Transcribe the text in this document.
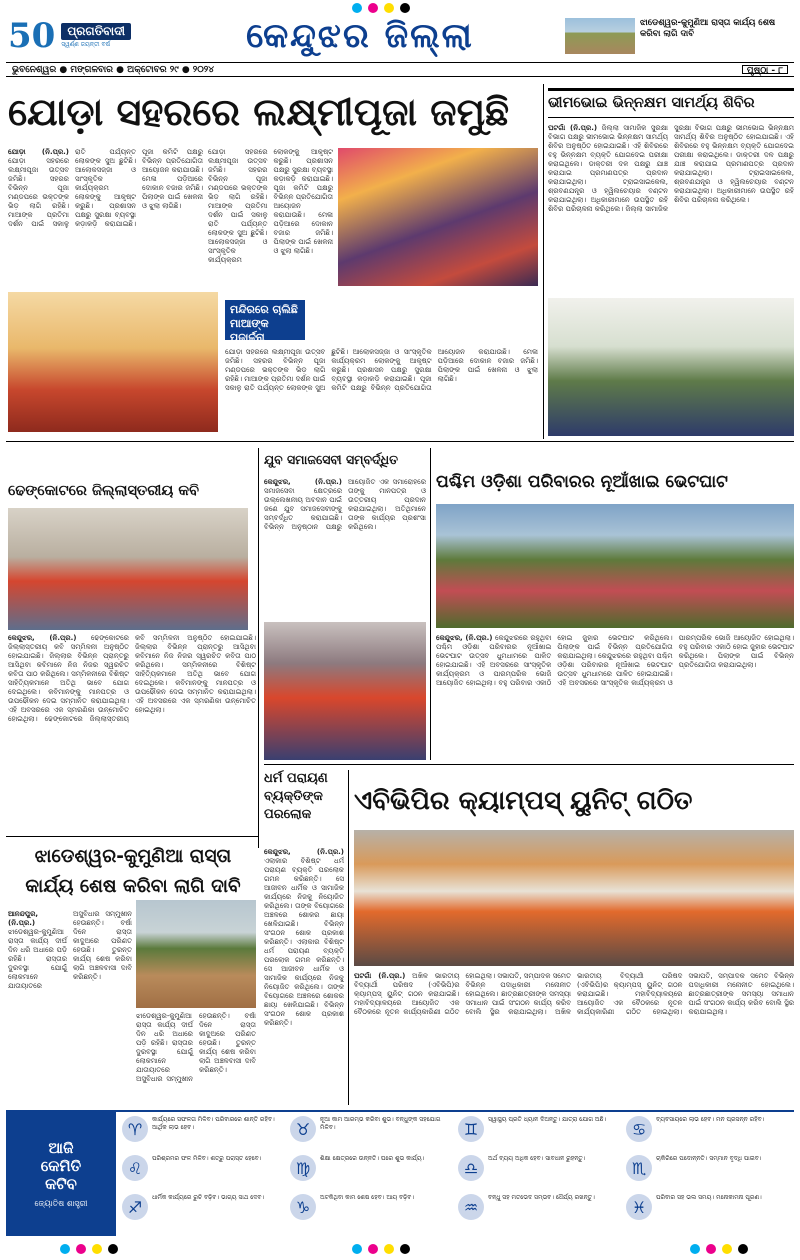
50	ପ୍ରଗତିବାଦୀ
ସ୍ୱର୍ଣ୍ଣ ଜୟନ୍ତୀ ବର୍ଷ	କେନ୍ଦୁଝର ଜିଲ୍ଲା	ଝାଡେଶ୍ୱର-କୁମୁଣିଆ ରାସ୍ତା କାର୍ଯ୍ୟ ଶେଷ କରିବା ଲାଗି ଦାବି
ଭୁବନେଶ୍ୱର ● ମଙ୍ଗଳବାର ● ଅକ୍ଟୋବର ୨୯ ● ୨୦୨୪	ପୃଷ୍ଠା - ୮
ଯୋଡ଼ା ସହରରେ ଲକ୍ଷ୍ମୀପୂଜା ଜମୁଛି
ଯୋଡ଼ା (ନି.ପ୍ର.) ଯୋଡ଼ା ସହରରେ ଲକ୍ଷ୍ମୀପୂଜା ଉତ୍ସବ ଜମିଛି। ସହରର ବିଭିନ୍ନ ପୂଜା ମଣ୍ଡପରେ ଭକ୍ତଙ୍କ ଭିଡ଼ ଲାଗି ରହିଛି। ମାଆଙ୍କ ପ୍ରତିମା ଦର୍ଶନ ପାଇଁ ସକାଳୁ ରାତି ପର୍ଯ୍ୟନ୍ତ ଲୋକଙ୍କ ସୁଅ ଛୁଟିଛି। ଆଲୋକସଜ୍ଜା ଓ ସାଂସ୍କୃତିକ କାର୍ଯ୍ୟକ୍ରମ ଲୋକଙ୍କୁ ଆକୃଷ୍ଟ କରୁଛି। ପ୍ରଶାସନ ପକ୍ଷରୁ ସୁରକ୍ଷା ବ୍ୟବସ୍ଥା କଡ଼ାକଡ଼ି କରାଯାଇଛି। ପୂଜା କମିଟି ପକ୍ଷରୁ ବିଭିନ୍ନ ପ୍ରତିଯୋଗିତା ଆୟୋଜନ କରାଯାଉଛି। ମେଳା ପଡ଼ିଆରେ ଦୋକାନ ବଜାର ଜମିଛି। ପିଲାଙ୍କ ପାଇଁ ଖେଳନା ଓ ଝୁଲା ଲାଗିଛି।
ଯୋଡ଼ା ସହରରେ ଲକ୍ଷ୍ମୀପୂଜା ଉତ୍ସବ ଜମିଛି। ସହରର ବିଭିନ୍ନ ପୂଜା ମଣ୍ଡପରେ ଭକ୍ତଙ୍କ ଭିଡ଼ ଲାଗି ରହିଛି। ମାଆଙ୍କ ପ୍ରତିମା ଦର୍ଶନ ପାଇଁ ସକାଳୁ ରାତି ପର୍ଯ୍ୟନ୍ତ ଲୋକଙ୍କ ସୁଅ ଛୁଟିଛି। ଆଲୋକସଜ୍ଜା ଓ ସାଂସ୍କୃତିକ କାର୍ଯ୍ୟକ୍ରମ ଲୋକଙ୍କୁ ଆକୃଷ୍ଟ କରୁଛି। ପ୍ରଶାସନ ପକ୍ଷରୁ ସୁରକ୍ଷା ବ୍ୟବସ୍ଥା କଡ଼ାକଡ଼ି କରାଯାଇଛି। ପୂଜା କମିଟି ପକ୍ଷରୁ ବିଭିନ୍ନ ପ୍ରତିଯୋଗିତା ଆୟୋଜନ କରାଯାଉଛି। ମେଳା ପଡ଼ିଆରେ ଦୋକାନ ବଜାର ଜମିଛି। ପିଲାଙ୍କ ପାଇଁ ଖେଳନା ଓ ଝୁଲା ଲାଗିଛି।
ମନ୍ଦିରରେ ଚାଲିଛି ମାଆଙ୍କ ପୂଜାର୍ଚ୍ଚନା
ଯୋଡ଼ା ସହରରେ ଲକ୍ଷ୍ମୀପୂଜା ଉତ୍ସବ ଜମିଛି। ସହରର ବିଭିନ୍ନ ପୂଜା ମଣ୍ଡପରେ ଭକ୍ତଙ୍କ ଭିଡ଼ ଲାଗି ରହିଛି। ମାଆଙ୍କ ପ୍ରତିମା ଦର୍ଶନ ପାଇଁ ସକାଳୁ ରାତି ପର୍ଯ୍ୟନ୍ତ ଲୋକଙ୍କ ସୁଅ ଛୁଟିଛି। ଆଲୋକସଜ୍ଜା ଓ ସାଂସ୍କୃତିକ କାର୍ଯ୍ୟକ୍ରମ ଲୋକଙ୍କୁ ଆକୃଷ୍ଟ କରୁଛି। ପ୍ରଶାସନ ପକ୍ଷରୁ ସୁରକ୍ଷା ବ୍ୟବସ୍ଥା କଡ଼ାକଡ଼ି କରାଯାଇଛି। ପୂଜା କମିଟି ପକ୍ଷରୁ ବିଭିନ୍ନ ପ୍ରତିଯୋଗିତା ଆୟୋଜନ କରାଯାଉଛି। ମେଳା ପଡ଼ିଆରେ ଦୋକାନ ବଜାର ଜମିଛି। ପିଲାଙ୍କ ପାଇଁ ଖେଳନା ଓ ଝୁଲା ଲାଗିଛି।
ଭୀମଭୋଇ ଭିନ୍ନକ୍ଷମ ସାମର୍ଥ୍ୟ ଶିବିର
ଘଟଗାଁ (ନି.ପ୍ର.) ଜିଲ୍ଲା ସାମାଜିକ ସୁରକ୍ଷା ବିଭାଗ ପକ୍ଷରୁ ଭୀମଭୋଇ ଭିନ୍ନକ୍ଷମ ସାମର୍ଥ୍ୟ ଶିବିର ଅନୁଷ୍ଠିତ ହୋଇଯାଇଛି। ଏହି ଶିବିରରେ ବହୁ ଭିନ୍ନକ୍ଷମ ବ୍ୟକ୍ତି ଯୋଗଦେଇ ପରୀକ୍ଷା କରାଇଥିଲେ। ଡାକ୍ତରୀ ଦଳ ପକ୍ଷରୁ ଯାଞ୍ଚ କରାଯାଇ ପ୍ରମାଣପତ୍ର ପ୍ରଦାନ କରାଯାଇଥିଲା। ଟ୍ରାଇସାଇକେଲ, ଶ୍ରବଣଯନ୍ତ୍ର ଓ ହ୍ୱିଲଚେୟାର ବଣ୍ଟନ କରାଯାଇଥିଲା। ଅଧିକାରୀମାନେ ଉପସ୍ଥିତ ରହି ଶିବିର ପରିଚାଳନା କରିଥିଲେ। ଜିଲ୍ଲା ସାମାଜିକ ସୁରକ୍ଷା ବିଭାଗ ପକ୍ଷରୁ ଭୀମଭୋଇ ଭିନ୍ନକ୍ଷମ ସାମର୍ଥ୍ୟ ଶିବିର ଅନୁଷ୍ଠିତ ହୋଇଯାଇଛି। ଏହି ଶିବିରରେ ବହୁ ଭିନ୍ନକ୍ଷମ ବ୍ୟକ୍ତି ଯୋଗଦେଇ ପରୀକ୍ଷା କରାଇଥିଲେ। ଡାକ୍ତରୀ ଦଳ ପକ୍ଷରୁ ଯାଞ୍ଚ କରାଯାଇ ପ୍ରମାଣପତ୍ର ପ୍ରଦାନ କରାଯାଇଥିଲା। ଟ୍ରାଇସାଇକେଲ, ଶ୍ରବଣଯନ୍ତ୍ର ଓ ହ୍ୱିଲଚେୟାର ବଣ୍ଟନ କରାଯାଇଥିଲା। ଅଧିକାରୀମାନେ ଉପସ୍ଥିତ ରହି ଶିବିର ପରିଚାଳନା କରିଥିଲେ।
ଢେଙ୍କୋଟରେ ଜିଲ୍ଲାସ୍ତରୀୟ କବି
କେନ୍ଦୁଝର, (ନି.ପ୍ର.) ଢେଙ୍କୋଟରେ ଜିଲ୍ଲାସ୍ତରୀୟ କବି ସମ୍ମିଳନୀ ଅନୁଷ୍ଠିତ ହୋଇଯାଇଛି। ଜିଲ୍ଲାର ବିଭିନ୍ନ ପ୍ରାନ୍ତରୁ ଆସିଥିବା କବିମାନେ ନିଜ ନିଜର ସ୍ୱରଚିତ କବିତା ପାଠ କରିଥିଲେ। ସମ୍ମିଳନୀରେ ବିଶିଷ୍ଟ ସାହିତ୍ୟିକମାନେ ଅତିଥି ଭାବେ ଯୋଗ ଦେଇଥିଲେ। କବିମାନଙ୍କୁ ମାନପତ୍ର ଓ ଉପଢୌକନ ଦେଇ ସମ୍ମାନିତ କରାଯାଇଥିଲା। ଏହି ଅବସରରେ ଏକ ସ୍ମରଣିକା ଉନ୍ମୋଚିତ ହୋଇଥିଲା। ଢେଙ୍କୋଟରେ ଜିଲ୍ଲାସ୍ତରୀୟ କବି ସମ୍ମିଳନୀ ଅନୁଷ୍ଠିତ ହୋଇଯାଇଛି। ଜିଲ୍ଲାର ବିଭିନ୍ନ ପ୍ରାନ୍ତରୁ ଆସିଥିବା କବିମାନେ ନିଜ ନିଜର ସ୍ୱରଚିତ କବିତା ପାଠ କରିଥିଲେ। ସମ୍ମିଳନୀରେ ବିଶିଷ୍ଟ ସାହିତ୍ୟିକମାନେ ଅତିଥି ଭାବେ ଯୋଗ ଦେଇଥିଲେ। କବିମାନଙ୍କୁ ମାନପତ୍ର ଓ ଉପଢୌକନ ଦେଇ ସମ୍ମାନିତ କରାଯାଇଥିଲା। ଏହି ଅବସରରେ ଏକ ସ୍ମରଣିକା ଉନ୍ମୋଚିତ ହୋଇଥିଲା।
ଯୁବ ସମାଜସେବୀ ସମ୍ବର୍ଦ୍ଧିତ
କେନ୍ଦୁଝର, (ନି.ପ୍ର.) ସମାଜସେବା କ୍ଷେତ୍ରରେ ଉଲ୍ଲେଖନୀୟ ଅବଦାନ ପାଇଁ ଜଣେ ଯୁବ ସମାଜସେବୀଙ୍କୁ ସମ୍ବର୍ଦ୍ଧିତ କରାଯାଇଛି। ବିଭିନ୍ନ ଅନୁଷ୍ଠାନ ପକ୍ଷରୁ ଆୟୋଜିତ ଏକ ସମାରୋହରେ ତାଙ୍କୁ ମାନପତ୍ର ଓ ଉତ୍ତରୀୟ ପ୍ରଦାନ କରାଯାଇଥିଲା। ଅତିଥିମାନେ ତାଙ୍କ କାର୍ଯ୍ୟର ପ୍ରଶଂସା କରିଥିଲେ।
ପଶ୍ଚିମ ଓଡ଼ିଶା ପରିବାରର ନୂଆଁଖାଇ ଭେଟଘାଟ
କେନ୍ଦୁଝର, (ନି.ପ୍ର.) କେନ୍ଦୁଝରରେ ରହୁଥିବା ପଶ୍ଚିମ ଓଡ଼ିଶା ପରିବାରର ନୂଆଁଖାଇ ଭେଟଘାଟ ଉତ୍ସବ ଧୁମଧାମରେ ପାଳିତ ହୋଇଯାଇଛି। ଏହି ଅବସରରେ ସାଂସ୍କୃତିକ କାର୍ଯ୍ୟକ୍ରମ ଓ ପାରମ୍ପରିକ ଭୋଜି ଆୟୋଜିତ ହୋଇଥିଲା। ବହୁ ପରିବାର ଏକାଠି ହୋଇ ଜୁହାର ଭେଟଘାଟ କରିଥିଲେ। ପିଲାଙ୍କ ପାଇଁ ବିଭିନ୍ନ ପ୍ରତିଯୋଗିତା କରାଯାଇଥିଲା। କେନ୍ଦୁଝରରେ ରହୁଥିବା ପଶ୍ଚିମ ଓଡ଼ିଶା ପରିବାରର ନୂଆଁଖାଇ ଭେଟଘାଟ ଉତ୍ସବ ଧୁମଧାମରେ ପାଳିତ ହୋଇଯାଇଛି। ଏହି ଅବସରରେ ସାଂସ୍କୃତିକ କାର୍ଯ୍ୟକ୍ରମ ଓ ପାରମ୍ପରିକ ଭୋଜି ଆୟୋଜିତ ହୋଇଥିଲା। ବହୁ ପରିବାର ଏକାଠି ହୋଇ ଜୁହାର ଭେଟଘାଟ କରିଥିଲେ। ପିଲାଙ୍କ ପାଇଁ ବିଭିନ୍ନ ପ୍ରତିଯୋଗିତା କରାଯାଇଥିଲା।
ଧର୍ମ ପରାୟଣ ବ୍ୟକ୍ତିଙ୍କ ପରଲୋକ
କେନ୍ଦୁଝର, (ନି.ପ୍ର.) ଏଲାକାର ବିଶିଷ୍ଟ ଧର୍ମ ପରାୟଣ ବ୍ୟକ୍ତି ପରଲୋକ ଗମନ କରିଛନ୍ତି। ସେ ଆଜୀବନ ଧାର୍ମିକ ଓ ସାମାଜିକ କାର୍ଯ୍ୟରେ ନିଜକୁ ନିୟୋଜିତ କରିଥିଲେ। ତାଙ୍କ ବିୟୋଗରେ ଅଞ୍ଚଳରେ ଶୋକର ଛାୟା ଖେଳିଯାଇଛି। ବିଭିନ୍ନ ସଂଗଠନ ଶୋକ ପ୍ରକାଶ କରିଛନ୍ତି। ଏଲାକାର ବିଶିଷ୍ଟ ଧର୍ମ ପରାୟଣ ବ୍ୟକ୍ତି ପରଲୋକ ଗମନ କରିଛନ୍ତି। ସେ ଆଜୀବନ ଧାର୍ମିକ ଓ ସାମାଜିକ କାର୍ଯ୍ୟରେ ନିଜକୁ ନିୟୋଜିତ କରିଥିଲେ। ତାଙ୍କ ବିୟୋଗରେ ଅଞ୍ଚଳରେ ଶୋକର ଛାୟା ଖେଳିଯାଇଛି। ବିଭିନ୍ନ ସଂଗଠନ ଶୋକ ପ୍ରକାଶ କରିଛନ୍ତି।
ଏବିଭିପିର କ୍ୟାମ୍ପସ୍ ୟୁନିଟ୍ ଗଠିତ
ଘଟଗାଁ (ନି.ପ୍ର.) ଅଖିଳ ଭାରତୀୟ ବିଦ୍ୟାର୍ଥୀ ପରିଷଦ (ଏବିଭିପି)ର କ୍ୟାମ୍ପସ୍ ୟୁନିଟ୍ ଗଠନ କରାଯାଇଛି। ମହାବିଦ୍ୟାଳୟରେ ଆୟୋଜିତ ଏକ ବୈଠକରେ ନୂତନ କାର୍ଯ୍ୟକାରିଣୀ ଗଠିତ ହୋଇଥିଲା। ସଭାପତି, ସମ୍ପାଦକ ସମେତ ବିଭିନ୍ନ ପଦାଧିକାରୀ ମନୋନୀତ ହୋଇଥିଲେ। ଛାତ୍ରଛାତ୍ରୀଙ୍କ ସମସ୍ୟା ସମାଧାନ ପାଇଁ ସଂଗଠନ କାର୍ଯ୍ୟ କରିବ ବୋଲି ସ୍ଥିର କରାଯାଇଥିଲା। ଅଖିଳ ଭାରତୀୟ ବିଦ୍ୟାର୍ଥୀ ପରିଷଦ (ଏବିଭିପି)ର କ୍ୟାମ୍ପସ୍ ୟୁନିଟ୍ ଗଠନ କରାଯାଇଛି। ମହାବିଦ୍ୟାଳୟରେ ଆୟୋଜିତ ଏକ ବୈଠକରେ ନୂତନ କାର୍ଯ୍ୟକାରିଣୀ ଗଠିତ ହୋଇଥିଲା। ସଭାପତି, ସମ୍ପାଦକ ସମେତ ବିଭିନ୍ନ ପଦାଧିକାରୀ ମନୋନୀତ ହୋଇଥିଲେ। ଛାତ୍ରଛାତ୍ରୀଙ୍କ ସମସ୍ୟା ସମାଧାନ ପାଇଁ ସଂଗଠନ କାର୍ଯ୍ୟ କରିବ ବୋଲି ସ୍ଥିର କରାଯାଇଥିଲା।
ଝାଡେଶ୍ୱର-କୁମୁଣିଆ ରାସ୍ତା କାର୍ଯ୍ୟ ଶେଷ କରିବା ଲାଗି ଦାବି
ଆନନ୍ଦପୁର, (ନି.ପ୍ର.) ଝାଡେଶ୍ୱର-କୁମୁଣିଆ ରାସ୍ତା କାର୍ଯ୍ୟ ଦୀର୍ଘ ଦିନ ଧରି ଅଧାରେ ପଡ଼ି ରହିଛି। ରାସ୍ତାର ଦୁରବସ୍ଥା ଯୋଗୁଁ ଲୋକମାନେ ଯାତାୟାତରେ ଅସୁବିଧାର ସମ୍ମୁଖୀନ ହେଉଛନ୍ତି। ବର୍ଷା ଦିନେ ରାସ୍ତା କାଦୁଅରେ ପରିଣତ ହେଉଛି। ତୁରନ୍ତ କାର୍ଯ୍ୟ ଶେଷ କରିବା ଲାଗି ଅଞ୍ଚଳବାସୀ ଦାବି କରିଛନ୍ତି।
ଝାଡେଶ୍ୱର-କୁମୁଣିଆ ରାସ୍ତା କାର୍ଯ୍ୟ ଦୀର୍ଘ ଦିନ ଧରି ଅଧାରେ ପଡ଼ି ରହିଛି। ରାସ୍ତାର ଦୁରବସ୍ଥା ଯୋଗୁଁ ଲୋକମାନେ ଯାତାୟାତରେ ଅସୁବିଧାର ସମ୍ମୁଖୀନ ହେଉଛନ୍ତି। ବର୍ଷା ଦିନେ ରାସ୍ତା କାଦୁଅରେ ପରିଣତ ହେଉଛି। ତୁରନ୍ତ କାର୍ଯ୍ୟ ଶେଷ କରିବା ଲାଗି ଅଞ୍ଚଳବାସୀ ଦାବି କରିଛନ୍ତି।
ଆଜି
କେମିତି
କଟିବ
ଜ୍ୟୋତିଷ ଶାସ୍ତ୍ରୀ
♈	କାର୍ଯ୍ୟରେ ସଫଳତା ମିଳିବ। ପରିବାରରେ ଶାନ୍ତି ରହିବ। ଆର୍ଥିକ ଲାଭ ହେବ।	♉	ନୂଆ କାମ ଆରମ୍ଭ କରିବା ଶୁଭ। ବନ୍ଧୁଙ୍କ ସହଯୋଗ ମିଳିବ।	♊	ସ୍ୱାସ୍ଥ୍ୟ ପ୍ରତି ଧ୍ୟାନ ଦିଅନ୍ତୁ। ଯାତ୍ରା ଯୋଗ ଅଛି।	♋	ବ୍ୟବସାୟରେ ଲାଭ ହେବ। ମନ ପ୍ରସନ୍ନ ରହିବ।
♌	ପରିଶ୍ରମର ଫଳ ମିଳିବ। ଶତ୍ରୁ ପରାସ୍ତ ହେବେ।	♍	ଶିକ୍ଷା କ୍ଷେତ୍ରରେ ଉନ୍ନତି। ଘରେ ଶୁଭ କାର୍ଯ୍ୟ।	♎	ଅର୍ଥ ବ୍ୟୟ ଅଧିକ ହେବ। ସାବଧାନ ରୁହନ୍ତୁ।	♏	ଚାକିରିରେ ପଦୋନ୍ନତି। ସମ୍ମାନ ବୃଦ୍ଧି ପାଇବ।
♐	ଧାର୍ମିକ କାର୍ଯ୍ୟରେ ରୁଚି ବଢ଼ିବ। ଭାଗ୍ୟ ସାଥ ଦେବ।	♑	ଅଟକିଥିବା କାମ ଶେଷ ହେବ। ଆୟ ବଢ଼ିବ।	♒	ବନ୍ଧୁ ସହ ମତଭେଦ ସମ୍ଭବ। ଧୈର୍ଯ୍ୟ ରଖନ୍ତୁ।	♓	ପରିବାର ସହ ଭଲ ସମୟ। ମନୋକାମନା ପୂରଣ।
